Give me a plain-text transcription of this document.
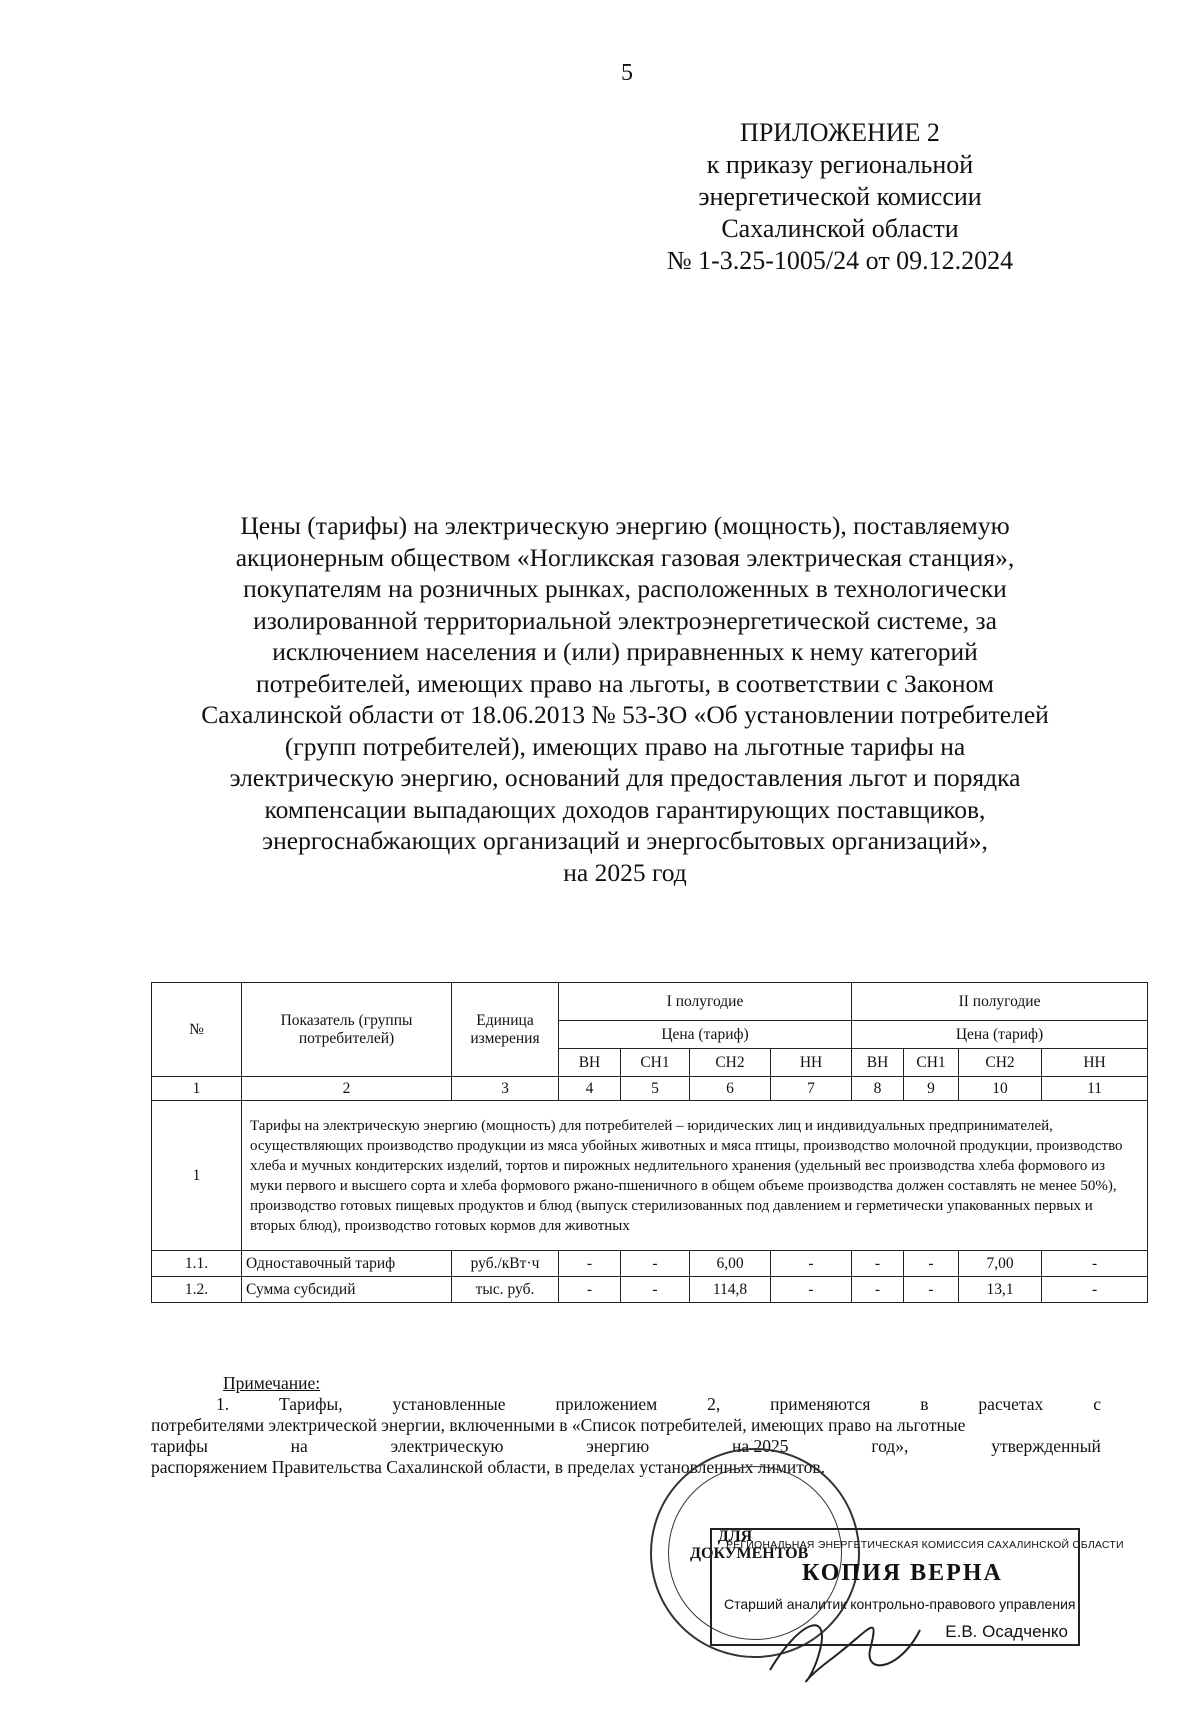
5
ПРИЛОЖЕНИЕ 2
к приказу региональной
энергетической комиссии
Сахалинской области
№ 1-3.25-1005/24 от 09.12.2024
Цены (тарифы) на электрическую энергию (мощность), поставляемую
акционерным обществом «Ногликская газовая электрическая станция»,
покупателям на розничных рынках, расположенных в технологически
изолированной территориальной электроэнергетической системе, за
исключением населения и (или) приравненных к нему категорий
потребителей, имеющих право на льготы, в соответствии с Законом
Сахалинской области от 18.06.2013 № 53-ЗО «Об установлении потребителей
(групп потребителей), имеющих право на льготные тарифы на
электрическую энергию, оснований для предоставления льгот и порядка
компенсации выпадающих доходов гарантирующих поставщиков,
энергоснабжающих организаций и энергосбытовых организаций»,
на 2025 год
№	Показатель (группы потребителей)	Единица измерения	I полугодие				II полугодие			
			Цена (тариф)				Цена (тариф)			
			ВН	СН1	СН2	НН	ВН	СН1	СН2	НН
1	2	3	4	5	6	7	8	9	10	11
1	Тарифы на электрическую энергию (мощность) для потребителей – юридических лиц и индивидуальных предпринимателей, осуществляющих производство продукции из мяса убойных животных и мяса птицы, производство молочной продукции, производство хлеба и мучных кондитерских изделий, тортов и пирожных недлительного хранения (удельный вес производства хлеба формового из муки первого и высшего сорта и хлеба формового ржано-пшеничного в общем объеме производства должен составлять не менее 50%), производство готовых пищевых продуктов и блюд (выпуск стерилизованных под давлением и герметически упакованных первых и вторых блюд), производство готовых кормов для животных									
1.1.	Одноставочный тариф	руб./кВт·ч	-	-	6,00	-	-	-	7,00	-
1.2.	Сумма субсидий	тыс. руб.	-	-	114,8	-	-	-	13,1	-
Примечание:
1.	Тарифы,	установленные	приложением	2,	применяются	в	расчетах	с
потребителями электрической энергии, включенными в «Список потребителей, имеющих право на льготные
тарифы	на	электрическую	энергию	на 2025	год»,	утвержденный
распоряжением Правительства Сахалинской области, в пределах установленных лимитов.
ДЛЯ ДОКУМЕНТОВ
РЕГИОНАЛЬНАЯ ЭНЕРГЕТИЧЕСКАЯ КОМИССИЯ САХАЛИНСКОЙ ОБЛАСТИ
КОПИЯ ВЕРНА
Старший аналитик контрольно-правового управления
Е.В. Осадченко
